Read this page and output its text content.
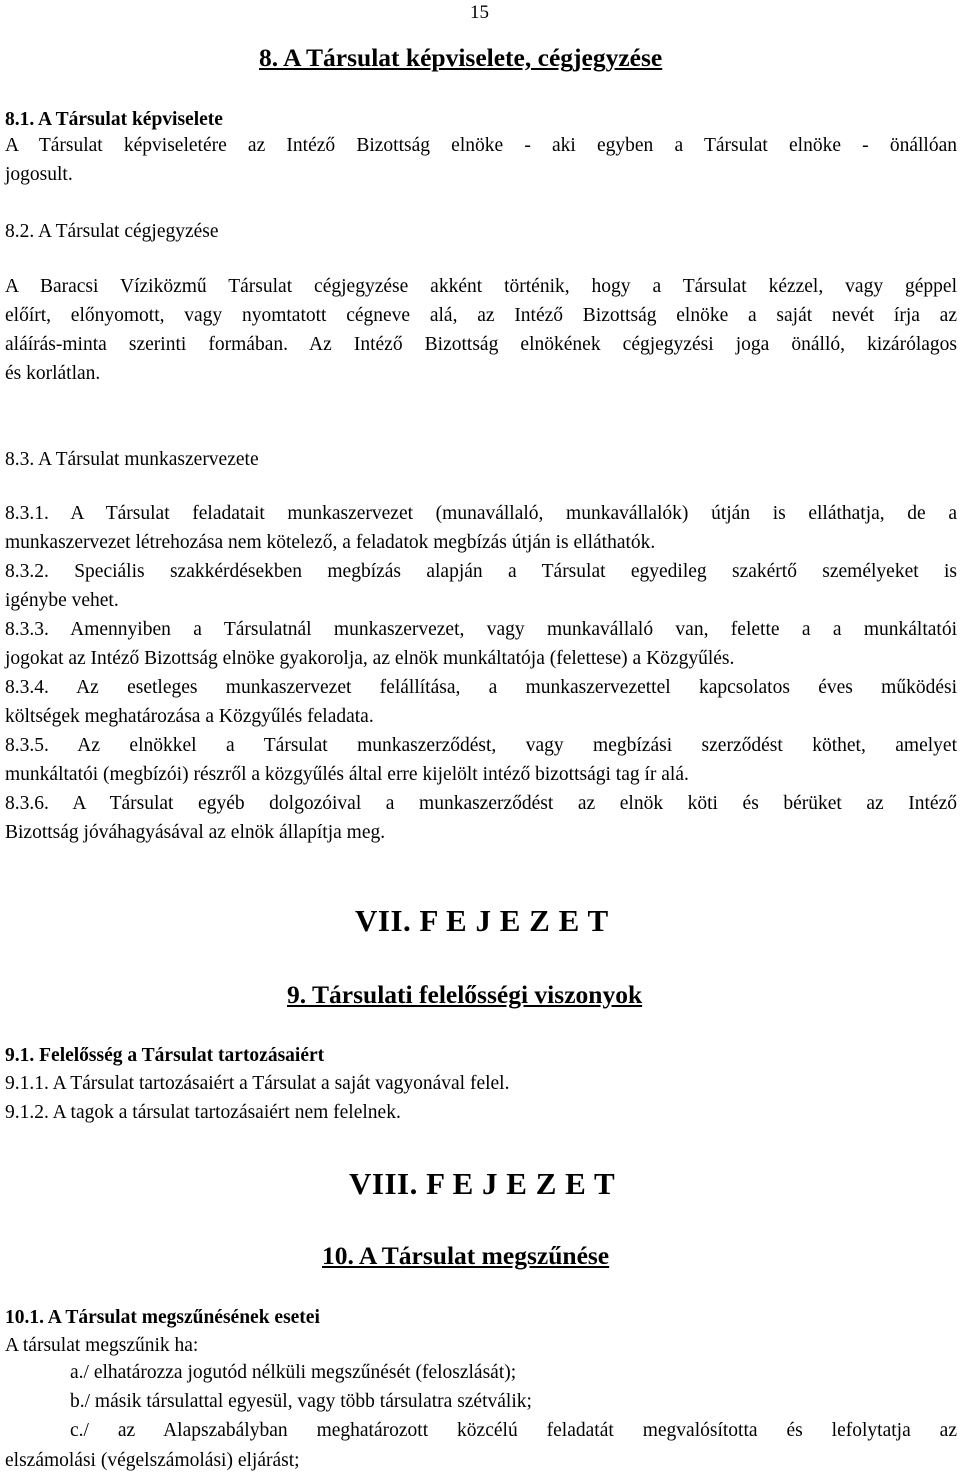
15
8. A Társulat képviselete, cégjegyzése
8.1. A Társulat képviselete
A Társulat képviseletére az Intéző Bizottság elnöke - aki egyben a Társulat elnöke - önállóan
jogosult.
8.2. A Társulat cégjegyzése
A Baracsi Víziközmű Társulat cégjegyzése akként történik, hogy a Társulat kézzel, vagy géppel
előírt, előnyomott, vagy nyomtatott cégneve alá, az Intéző Bizottság elnöke a saját nevét írja az
aláírás-minta szerinti formában. Az Intéző Bizottság elnökének cégjegyzési joga önálló, kizárólagos
és korlátlan.
8.3. A Társulat munkaszervezete
8.3.1. A Társulat feladatait munkaszervezet (munavállaló, munkavállalók) útján is elláthatja, de a
munkaszervezet létrehozása nem kötelező, a feladatok megbízás útján is elláthatók.
8.3.2. Speciális szakkérdésekben megbízás alapján a Társulat egyedileg szakértő személyeket is
igénybe vehet.
8.3.3. Amennyiben a Társulatnál munkaszervezet, vagy munkavállaló van, felette a a munkáltatói
jogokat az Intéző Bizottság elnöke gyakorolja, az elnök munkáltatója (felettese) a Közgyűlés.
8.3.4. Az esetleges munkaszervezet felállítása, a munkaszervezettel kapcsolatos éves működési
költségek meghatározása a Közgyűlés feladata.
8.3.5. Az elnökkel a Társulat munkaszerződést, vagy megbízási szerződést köthet, amelyet
munkáltatói (megbízói) részről a közgyűlés által erre kijelölt intéző bizottsági tag ír alá.
8.3.6. A Társulat egyéb dolgozóival a munkaszerződést az elnök köti és bérüket az Intéző
Bizottság jóváhagyásával az elnök állapítja meg.
VII. F E J E Z E T
9. Társulati felelősségi viszonyok
9.1. Felelősség a Társulat tartozásaiért
9.1.1. A Társulat tartozásaiért a Társulat a saját vagyonával felel.
9.1.2. A tagok a társulat tartozásaiért nem felelnek.
VIII. F E J E Z E T
10. A Társulat megszűnése
10.1. A Társulat megszűnésének esetei
A társulat megszűnik ha:
a./ elhatározza jogutód nélküli megszűnését (feloszlását);
b./ másik társulattal egyesül, vagy több társulatra szétválik;
c./ az Alapszabályban meghatározott közcélú feladatát megvalósította és lefolytatja az
elszámolási (végelszámolási) eljárást;
